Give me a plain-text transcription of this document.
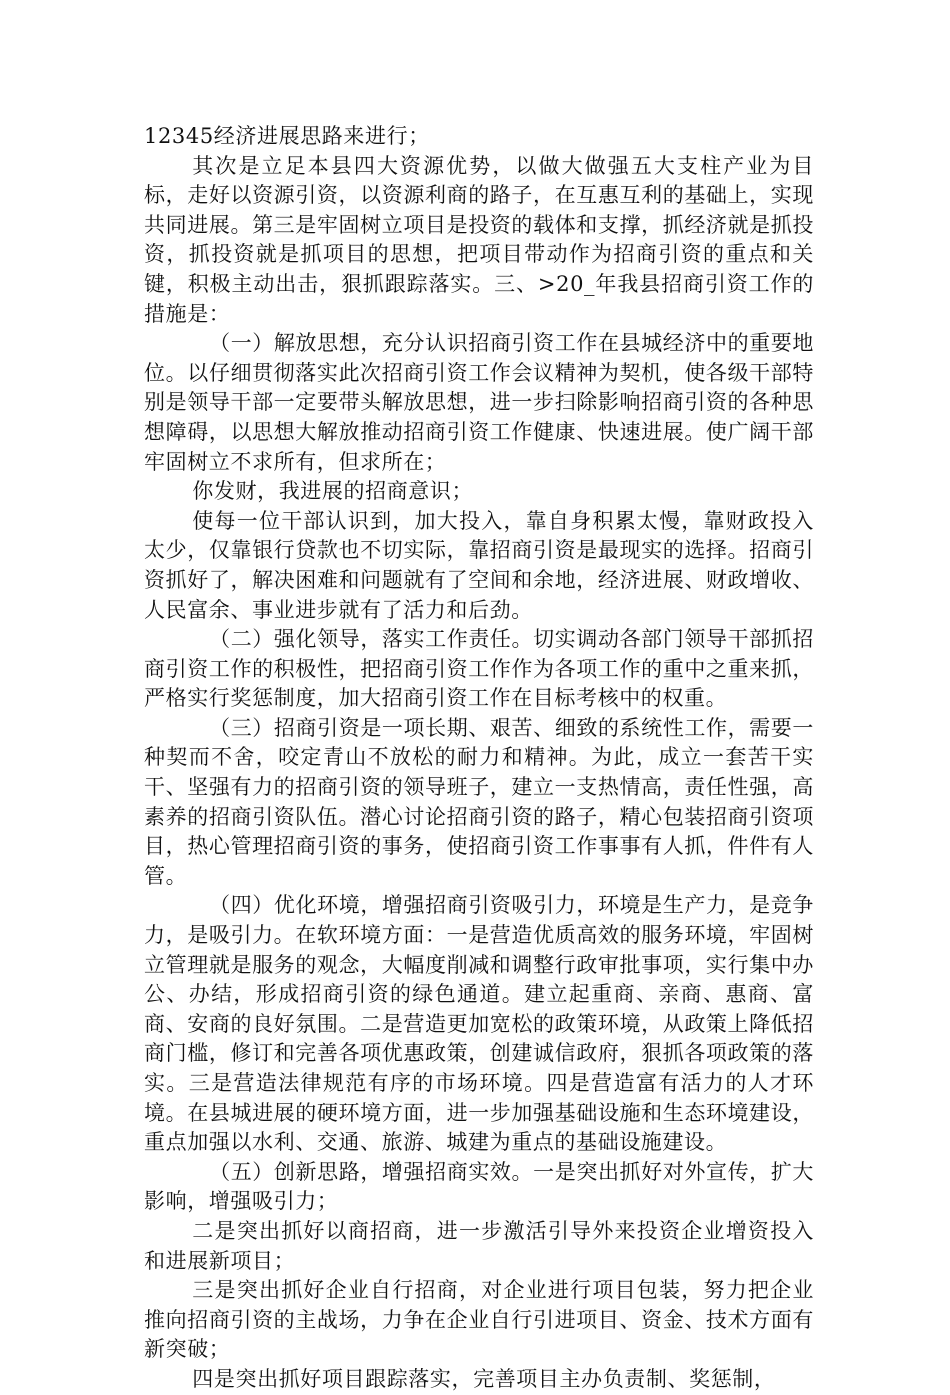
12345经济进展思路来进行；

其次是立足本县四大资源优势，以做大做强五大支柱产业为目标，走好以资源引资，以资源利商的路子，在互惠互利的基础上，实现共同进展。第三是牢固树立项目是投资的载体和支撑，抓经济就是抓投资，抓投资就是抓项目的思想，把项目带动作为招商引资的重点和关键，积极主动出击，狠抓跟踪落实。三、>20_年我县招商引资工作的措施是：

（一）解放思想，充分认识招商引资工作在县城经济中的重要地位。以仔细贯彻落实此次招商引资工作会议精神为契机，使各级干部特别是领导干部一定要带头解放思想，进一步扫除影响招商引资的各种思想障碍，以思想大解放推动招商引资工作健康、快速进展。使广阔干部牢固树立不求所有，但求所在；

你发财，我进展的招商意识；

使每一位干部认识到，加大投入，靠自身积累太慢，靠财政投入太少，仅靠银行贷款也不切实际，靠招商引资是最现实的选择。招商引资抓好了，解决困难和问题就有了空间和余地，经济进展、财政增收、人民富余、事业进步就有了活力和后劲。

（二）强化领导，落实工作责任。切实调动各部门领导干部抓招商引资工作的积极性，把招商引资工作作为各项工作的重中之重来抓，严格实行奖惩制度，加大招商引资工作在目标考核中的权重。

（三）招商引资是一项长期、艰苦、细致的系统性工作，需要一种契而不舍，咬定青山不放松的耐力和精神。为此，成立一套苦干实干、坚强有力的招商引资的领导班子，建立一支热情高，责任性强，高素养的招商引资队伍。潜心讨论招商引资的路子，精心包装招商引资项目，热心管理招商引资的事务，使招商引资工作事事有人抓，件件有人管。

（四）优化环境，增强招商引资吸引力，环境是生产力，是竞争力，是吸引力。在软环境方面：一是营造优质高效的服务环境，牢固树立管理就是服务的观念，大幅度削减和调整行政审批事项，实行集中办公、办结，形成招商引资的绿色通道。建立起重商、亲商、惠商、富商、安商的良好氛围。二是营造更加宽松的政策环境，从政策上降低招商门槛，修订和完善各项优惠政策，创建诚信政府，狠抓各项政策的落实。三是营造法律规范有序的市场环境。四是营造富有活力的人才环境。在县城进展的硬环境方面，进一步加强基础设施和生态环境建设，重点加强以水利、交通、旅游、城建为重点的基础设施建设。

（五）创新思路，增强招商实效。一是突出抓好对外宣传，扩大影响，增强吸引力；

二是突出抓好以商招商，进一步激活引导外来投资企业增资投入和进展新项目；

三是突出抓好企业自行招商，对企业进行项目包装，努力把企业推向招商引资的主战场，力争在企业自行引进项目、资金、技术方面有新突破；

四是突出抓好项目跟踪落实，完善项目主办负责制、奖惩制，
